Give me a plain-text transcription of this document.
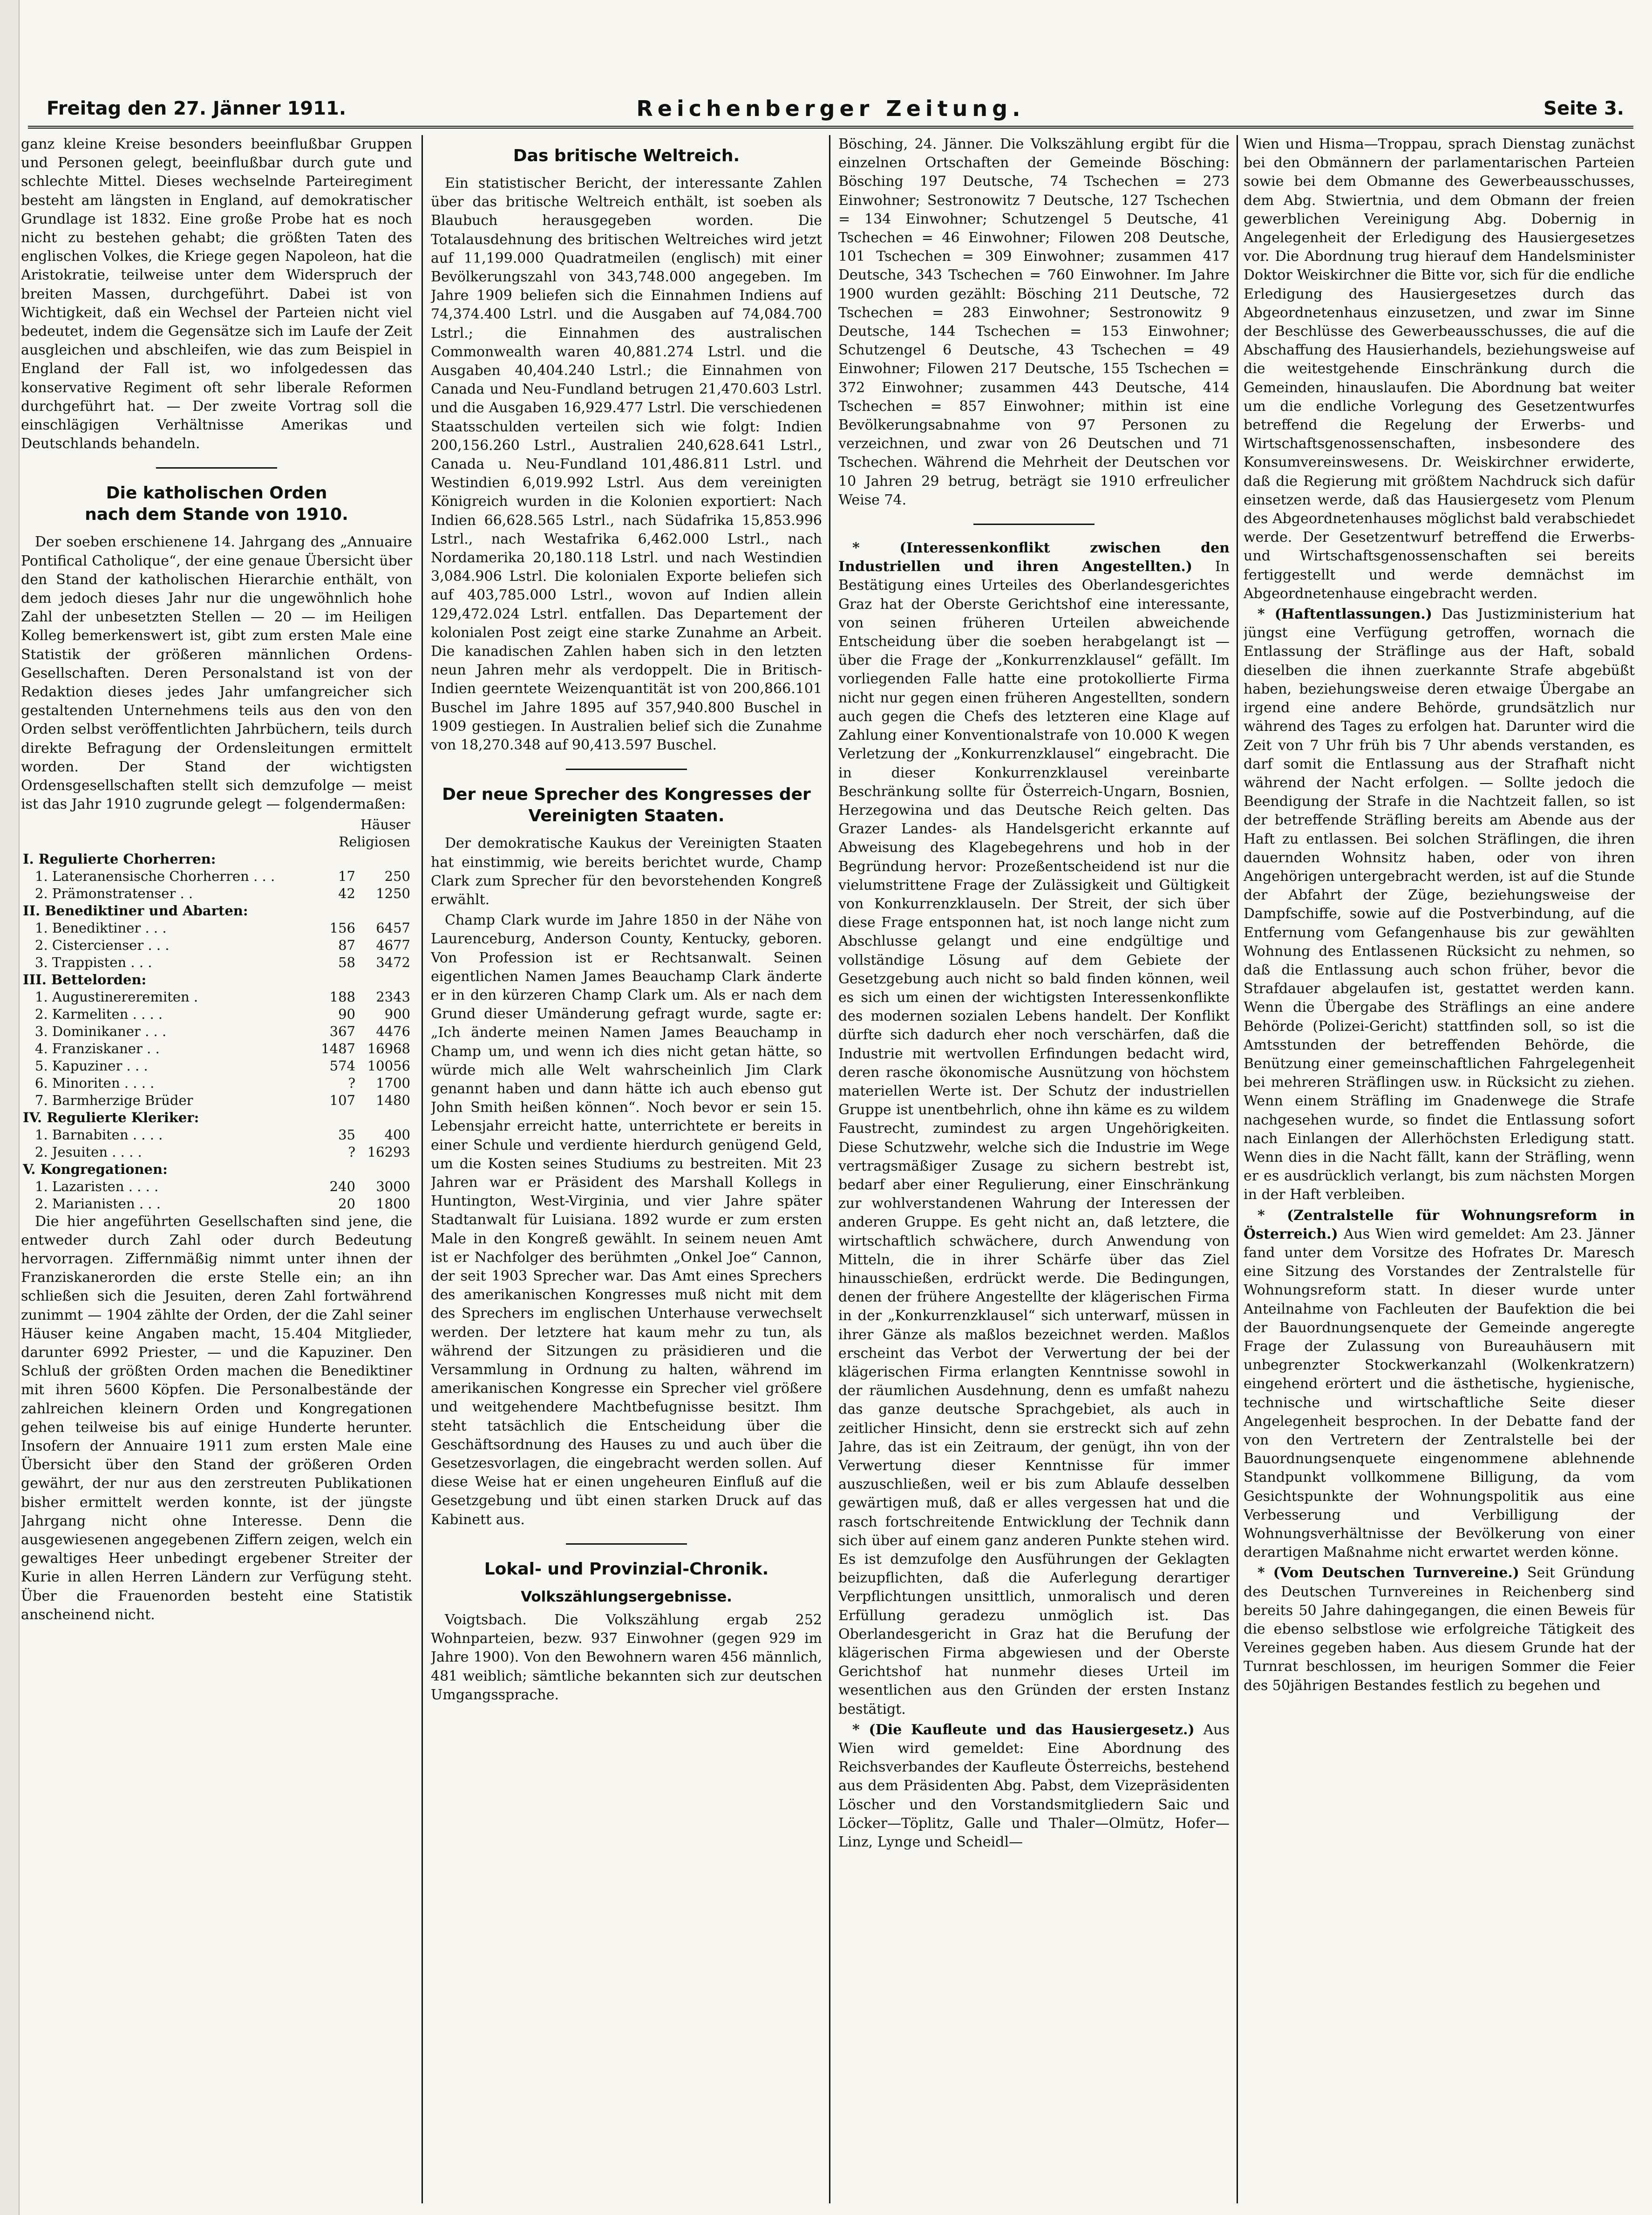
Freitag den 27. Jänner 1911.	Reichenberger Zeitung.	Seite 3.

ganz kleine Kreise besonders beeinflußbar Gruppen und Personen gelegt, beeinflußbar durch gute und schlechte Mittel. Dieses wechselnde Parteiregiment besteht am längsten in England, auf demokratischer Grundlage ist 1832. Eine große Probe hat es noch nicht zu bestehen gehabt; die größten Taten des englischen Volkes, die Kriege gegen Napoleon, hat die Aristokratie, teilweise unter dem Widerspruch der breiten Massen, durchgeführt. Dabei ist von Wichtigkeit, daß ein Wechsel der Parteien nicht viel bedeutet, indem die Gegensätze sich im Laufe der Zeit ausgleichen und abschleifen, wie das zum Beispiel in England der Fall ist, wo infolgedessen das konservative Regiment oft sehr liberale Reformen durchgeführt hat. — Der zweite Vortrag soll die einschlägigen Verhältnisse Amerikas und Deutschlands behandeln.

Die katholischen Orden
nach dem Stande von 1910.

Der soeben erschienene 14. Jahrgang des „Annuaire Pontifical Catholique“, der eine genaue Übersicht über den Stand der katholischen Hierarchie enthält, von dem jedoch dieses Jahr nur die ungewöhnlich hohe Zahl der unbesetzten Stellen — 20 — im Heiligen Kolleg bemerkenswert ist, gibt zum ersten Male eine Statistik der größeren männlichen Ordens-Gesellschaften. Deren Personalstand ist von der Redaktion dieses jedes Jahr umfangreicher sich gestaltenden Unternehmens teils aus den von den Orden selbst veröffentlichten Jahrbüchern, teils durch direkte Befragung der Ordensleitungen ermittelt worden. Der Stand der wichtigsten Ordensgesellschaften stellt sich demzufolge — meist ist das Jahr 1910 zugrunde gelegt — folgendermaßen:

	Häuser Religiosen	
I. Regulierte Chorherren:		
1. Lateranensische Chorherren . . .	17	250
2. Prämonstratenser . .	42	1250
II. Benediktiner und Abarten:		
1. Benediktiner . . .	156	6457
2. Cistercienser . . .	87	4677
3. Trappisten . . .	58	3472
III. Bettelorden:		
1. Augustinereremiten .	188	2343
2. Karmeliten . . . .	90	900
3. Dominikaner . . .	367	4476
4. Franziskaner . .	1487	16968
5. Kapuziner . . .	574	10056
6. Minoriten . . . .	?	1700
7. Barmherzige Brüder	107	1480
IV. Regulierte Kleriker:		
1. Barnabiten . . . .	35	400
2. Jesuiten . . . .	?	16293
V. Kongregationen:		
1. Lazaristen . . . .	240	3000
2. Marianisten . . .	20	1800

Die hier angeführten Gesellschaften sind jene, die entweder durch Zahl oder durch Bedeutung hervorragen. Ziffernmäßig nimmt unter ihnen der Franziskanerorden die erste Stelle ein; an ihn schließen sich die Jesuiten, deren Zahl fortwährend zunimmt — 1904 zählte der Orden, der die Zahl seiner Häuser keine Angaben macht, 15.404 Mitglieder, darunter 6992 Priester, — und die Kapuziner. Den Schluß der größten Orden machen die Benediktiner mit ihren 5600 Köpfen. Die Personalbestände der zahlreichen kleinern Orden und Kongregationen gehen teilweise bis auf einige Hunderte herunter. Insofern der Annuaire 1911 zum ersten Male eine Übersicht über den Stand der größeren Orden gewährt, der nur aus den zerstreuten Publikationen bisher ermittelt werden konnte, ist der jüngste Jahrgang nicht ohne Interesse. Denn die ausgewiesenen angegebenen Ziffern zeigen, welch ein gewaltiges Heer unbedingt ergebener Streiter der Kurie in allen Herren Ländern zur Verfügung steht. Über die Frauenorden besteht eine Statistik anscheinend nicht.

Das britische Weltreich.

Ein statistischer Bericht, der interessante Zahlen über das britische Weltreich enthält, ist soeben als Blaubuch herausgegeben worden. Die Totalausdehnung des britischen Weltreiches wird jetzt auf 11,199.000 Quadratmeilen (englisch) mit einer Bevölkerungszahl von 343,748.000 angegeben. Im Jahre 1909 beliefen sich die Einnahmen Indiens auf 74,374.400 Lstrl. und die Ausgaben auf 74,084.700 Lstrl.; die Einnahmen des australischen Commonwealth waren 40,881.274 Lstrl. und die Ausgaben 40,404.240 Lstrl.; die Einnahmen von Canada und Neu-Fundland betrugen 21,470.603 Lstrl. und die Ausgaben 16,929.477 Lstrl. Die verschiedenen Staatsschulden verteilen sich wie folgt: Indien 200,156.260 Lstrl., Australien 240,628.641 Lstrl., Canada u. Neu-Fundland 101,486.811 Lstrl. und Westindien 6,019.992 Lstrl. Aus dem vereinigten Königreich wurden in die Kolonien exportiert: Nach Indien 66,628.565 Lstrl., nach Südafrika 15,853.996 Lstrl., nach Westafrika 6,462.000 Lstrl., nach Nordamerika 20,180.118 Lstrl. und nach Westindien 3,084.906 Lstrl. Die kolonialen Exporte beliefen sich auf 403,785.000 Lstrl., wovon auf Indien allein 129,472.024 Lstrl. entfallen. Das Departement der kolonialen Post zeigt eine starke Zunahme an Arbeit. Die kanadischen Zahlen haben sich in den letzten neun Jahren mehr als verdoppelt. Die in Britisch-Indien geerntete Weizenquantität ist von 200,866.101 Buschel im Jahre 1895 auf 357,940.800 Buschel in 1909 gestiegen. In Australien belief sich die Zunahme von 18,270.348 auf 90,413.597 Buschel.

Der neue Sprecher des Kongresses der Vereinigten Staaten.

Der demokratische Kaukus der Vereinigten Staaten hat einstimmig, wie bereits berichtet wurde, Champ Clark zum Sprecher für den bevorstehenden Kongreß erwählt.

Champ Clark wurde im Jahre 1850 in der Nähe von Laurenceburg, Anderson County, Kentucky, geboren. Von Profession ist er Rechtsanwalt. Seinen eigentlichen Namen James Beauchamp Clark änderte er in den kürzeren Champ Clark um. Als er nach dem Grund dieser Umänderung gefragt wurde, sagte er: „Ich änderte meinen Namen James Beauchamp in Champ um, und wenn ich dies nicht getan hätte, so würde mich alle Welt wahrscheinlich Jim Clark genannt haben und dann hätte ich auch ebenso gut John Smith heißen können“. Noch bevor er sein 15. Lebensjahr erreicht hatte, unterrichtete er bereits in einer Schule und verdiente hierdurch genügend Geld, um die Kosten seines Studiums zu bestreiten. Mit 23 Jahren war er Präsident des Marshall Kollegs in Huntington, West-Virginia, und vier Jahre später Stadtanwalt für Luisiana. 1892 wurde er zum ersten Male in den Kongreß gewählt. In seinem neuen Amt ist er Nachfolger des berühmten „Onkel Joe“ Cannon, der seit 1903 Sprecher war. Das Amt eines Sprechers des amerikanischen Kongresses muß nicht mit dem des Sprechers im englischen Unterhause verwechselt werden. Der letztere hat kaum mehr zu tun, als während der Sitzungen zu präsidieren und die Versammlung in Ordnung zu halten, während im amerikanischen Kongresse ein Sprecher viel größere und weitgehendere Machtbefugnisse besitzt. Ihm steht tatsächlich die Entscheidung über die Geschäftsordnung des Hauses zu und auch über die Gesetzesvorlagen, die eingebracht werden sollen. Auf diese Weise hat er einen ungeheuren Einfluß auf die Gesetzgebung und übt einen starken Druck auf das Kabinett aus.

Lokal- und Provinzial-Chronik.
Volkszählungsergebnisse.

Voigtsbach. Die Volkszählung ergab 252 Wohnparteien, bezw. 937 Einwohner (gegen 929 im Jahre 1900). Von den Bewohnern waren 456 männlich, 481 weiblich; sämtliche bekannten sich zur deutschen Umgangssprache.

Bösching, 24. Jänner. Die Volkszählung ergibt für die einzelnen Ortschaften der Gemeinde Bösching: Bösching 197 Deutsche, 74 Tschechen = 273 Einwohner; Sestronowitz 7 Deutsche, 127 Tschechen = 134 Einwohner; Schutzengel 5 Deutsche, 41 Tschechen = 46 Einwohner; Filowen 208 Deutsche, 101 Tschechen = 309 Einwohner; zusammen 417 Deutsche, 343 Tschechen = 760 Einwohner. Im Jahre 1900 wurden gezählt: Bösching 211 Deutsche, 72 Tschechen = 283 Einwohner; Sestronowitz 9 Deutsche, 144 Tschechen = 153 Einwohner; Schutzengel 6 Deutsche, 43 Tschechen = 49 Einwohner; Filowen 217 Deutsche, 155 Tschechen = 372 Einwohner; zusammen 443 Deutsche, 414 Tschechen = 857 Einwohner; mithin ist eine Bevölkerungsabnahme von 97 Personen zu verzeichnen, und zwar von 26 Deutschen und 71 Tschechen. Während die Mehrheit der Deutschen vor 10 Jahren 29 betrug, beträgt sie 1910 erfreulicher Weise 74.

* (Interessenkonflikt zwischen den Industriellen und ihren Angestellten.) In Bestätigung eines Urteiles des Oberlandesgerichtes Graz hat der Oberste Gerichtshof eine interessante, von seinen früheren Urteilen abweichende Entscheidung über die soeben herabgelangt ist — über die Frage der „Konkurrenzklausel“ gefällt. Im vorliegenden Falle hatte eine protokollierte Firma nicht nur gegen einen früheren Angestellten, sondern auch gegen die Chefs des letzteren eine Klage auf Zahlung einer Konventionalstrafe von 10.000 K wegen Verletzung der „Konkurrenzklausel“ eingebracht. Die in dieser Konkurrenzklausel vereinbarte Beschränkung sollte für Österreich-Ungarn, Bosnien, Herzegowina und das Deutsche Reich gelten. Das Grazer Landes- als Handelsgericht erkannte auf Abweisung des Klagebegehrens und hob in der Begründung hervor: Prozeßentscheidend ist nur die vielumstrittene Frage der Zulässigkeit und Gültigkeit von Konkurrenzklauseln. Der Streit, der sich über diese Frage entsponnen hat, ist noch lange nicht zum Abschlusse gelangt und eine endgültige und vollständige Lösung auf dem Gebiete der Gesetzgebung auch nicht so bald finden können, weil es sich um einen der wichtigsten Interessenkonflikte des modernen sozialen Lebens handelt. Der Konflikt dürfte sich dadurch eher noch verschärfen, daß die Industrie mit wertvollen Erfindungen bedacht wird, deren rasche ökonomische Ausnützung von höchstem materiellen Werte ist. Der Schutz der industriellen Gruppe ist unentbehrlich, ohne ihn käme es zu wildem Faustrecht, zumindest zu argen Ungehörigkeiten. Diese Schutzwehr, welche sich die Industrie im Wege vertragsmäßiger Zusage zu sichern bestrebt ist, bedarf aber einer Regulierung, einer Einschränkung zur wohlverstandenen Wahrung der Interessen der anderen Gruppe. Es geht nicht an, daß letztere, die wirtschaftlich schwächere, durch Anwendung von Mitteln, die in ihrer Schärfe über das Ziel hinausschießen, erdrückt werde. Die Bedingungen, denen der frühere Angestellte der klägerischen Firma in der „Konkurrenzklausel“ sich unterwarf, müssen in ihrer Gänze als maßlos bezeichnet werden. Maßlos erscheint das Verbot der Verwertung der bei der klägerischen Firma erlangten Kenntnisse sowohl in der räumlichen Ausdehnung, denn es umfaßt nahezu das ganze deutsche Sprachgebiet, als auch in zeitlicher Hinsicht, denn sie erstreckt sich auf zehn Jahre, das ist ein Zeitraum, der genügt, ihn von der Verwertung dieser Kenntnisse für immer auszuschließen, weil er bis zum Ablaufe desselben gewärtigen muß, daß er alles vergessen hat und die rasch fortschreitende Entwicklung der Technik dann sich über auf einem ganz anderen Punkte stehen wird. Es ist demzufolge den Ausführungen der Geklagten beizupflichten, daß die Auferlegung derartiger Verpflichtungen unsittlich, unmoralisch und deren Erfüllung geradezu unmöglich ist. Das Oberlandesgericht in Graz hat die Berufung der klägerischen Firma abgewiesen und der Oberste Gerichtshof hat nunmehr dieses Urteil im wesentlichen aus den Gründen der ersten Instanz bestätigt.

* (Die Kaufleute und das Hausiergesetz.) Aus Wien wird gemeldet: Eine Abordnung des Reichsverbandes der Kaufleute Österreichs, bestehend aus dem Präsidenten Abg. Pabst, dem Vizepräsidenten Löscher und den Vorstandsmitgliedern Saic und Löcker—Töplitz, Galle und Thaler—Olmütz, Hofer—Linz, Lynge und Scheidl—

Wien und Hisma—Troppau, sprach Dienstag zunächst bei den Obmännern der parlamentarischen Parteien sowie bei dem Obmanne des Gewerbeausschusses, dem Abg. Stwiertnia, und dem Obmann der freien gewerblichen Vereinigung Abg. Dobernig in Angelegenheit der Erledigung des Hausiergesetzes vor. Die Abordnung trug hierauf dem Handelsminister Doktor Weiskirchner die Bitte vor, sich für die endliche Erledigung des Hausiergesetzes durch das Abgeordnetenhaus einzusetzen, und zwar im Sinne der Beschlüsse des Gewerbeausschusses, die auf die Abschaffung des Hausierhandels, beziehungsweise auf die weitestgehende Einschränkung durch die Gemeinden, hinauslaufen. Die Abordnung bat weiter um die endliche Vorlegung des Gesetzentwurfes betreffend die Regelung der Erwerbs- und Wirtschaftsgenossenschaften, insbesondere des Konsumvereinswesens. Dr. Weiskirchner erwiderte, daß die Regierung mit größtem Nachdruck sich dafür einsetzen werde, daß das Hausiergesetz vom Plenum des Abgeordnetenhauses möglichst bald verabschiedet werde. Der Gesetzentwurf betreffend die Erwerbs- und Wirtschaftsgenossenschaften sei bereits fertiggestellt und werde demnächst im Abgeordnetenhause eingebracht werden.

* (Haftentlassungen.) Das Justizministerium hat jüngst eine Verfügung getroffen, wornach die Entlassung der Sträflinge aus der Haft, sobald dieselben die ihnen zuerkannte Strafe abgebüßt haben, beziehungsweise deren etwaige Übergabe an irgend eine andere Behörde, grundsätzlich nur während des Tages zu erfolgen hat. Darunter wird die Zeit von 7 Uhr früh bis 7 Uhr abends verstanden, es darf somit die Entlassung aus der Strafhaft nicht während der Nacht erfolgen. — Sollte jedoch die Beendigung der Strafe in die Nachtzeit fallen, so ist der betreffende Sträfling bereits am Abende aus der Haft zu entlassen. Bei solchen Sträflingen, die ihren dauernden Wohnsitz haben, oder von ihren Angehörigen untergebracht werden, ist auf die Stunde der Abfahrt der Züge, beziehungsweise der Dampfschiffe, sowie auf die Postverbindung, auf die Entfernung vom Gefangenhause bis zur gewählten Wohnung des Entlassenen Rücksicht zu nehmen, so daß die Entlassung auch schon früher, bevor die Strafdauer abgelaufen ist, gestattet werden kann. Wenn die Übergabe des Sträflings an eine andere Behörde (Polizei-Gericht) stattfinden soll, so ist die Amtsstunden der betreffenden Behörde, die Benützung einer gemeinschaftlichen Fahrgelegenheit bei mehreren Sträflingen usw. in Rücksicht zu ziehen. Wenn einem Sträfling im Gnadenwege die Strafe nachgesehen wurde, so findet die Entlassung sofort nach Einlangen der Allerhöchsten Erledigung statt. Wenn dies in die Nacht fällt, kann der Sträfling, wenn er es ausdrücklich verlangt, bis zum nächsten Morgen in der Haft verbleiben.

* (Zentralstelle für Wohnungsreform in Österreich.) Aus Wien wird gemeldet: Am 23. Jänner fand unter dem Vorsitze des Hofrates Dr. Maresch eine Sitzung des Vorstandes der Zentralstelle für Wohnungsreform statt. In dieser wurde unter Anteilnahme von Fachleuten der Baufektion die bei der Bauordnungsenquete der Gemeinde angeregte Frage der Zulassung von Bureauhäusern mit unbegrenzter Stockwerkanzahl (Wolkenkratzern) eingehend erörtert und die ästhetische, hygienische, technische und wirtschaftliche Seite dieser Angelegenheit besprochen. In der Debatte fand der von den Vertretern der Zentralstelle bei der Bauordnungsenquete eingenommene ablehnende Standpunkt vollkommene Billigung, da vom Gesichtspunkte der Wohnungspolitik aus eine Verbesserung und Verbilligung der Wohnungsverhältnisse der Bevölkerung von einer derartigen Maßnahme nicht erwartet werden könne.

* (Vom Deutschen Turnvereine.) Seit Gründung des Deutschen Turnvereines in Reichenberg sind bereits 50 Jahre dahingegangen, die einen Beweis für die ebenso selbstlose wie erfolgreiche Tätigkeit des Vereines gegeben haben. Aus diesem Grunde hat der Turnrat beschlossen, im heurigen Sommer die Feier des 50jährigen Bestandes festlich zu begehen und
